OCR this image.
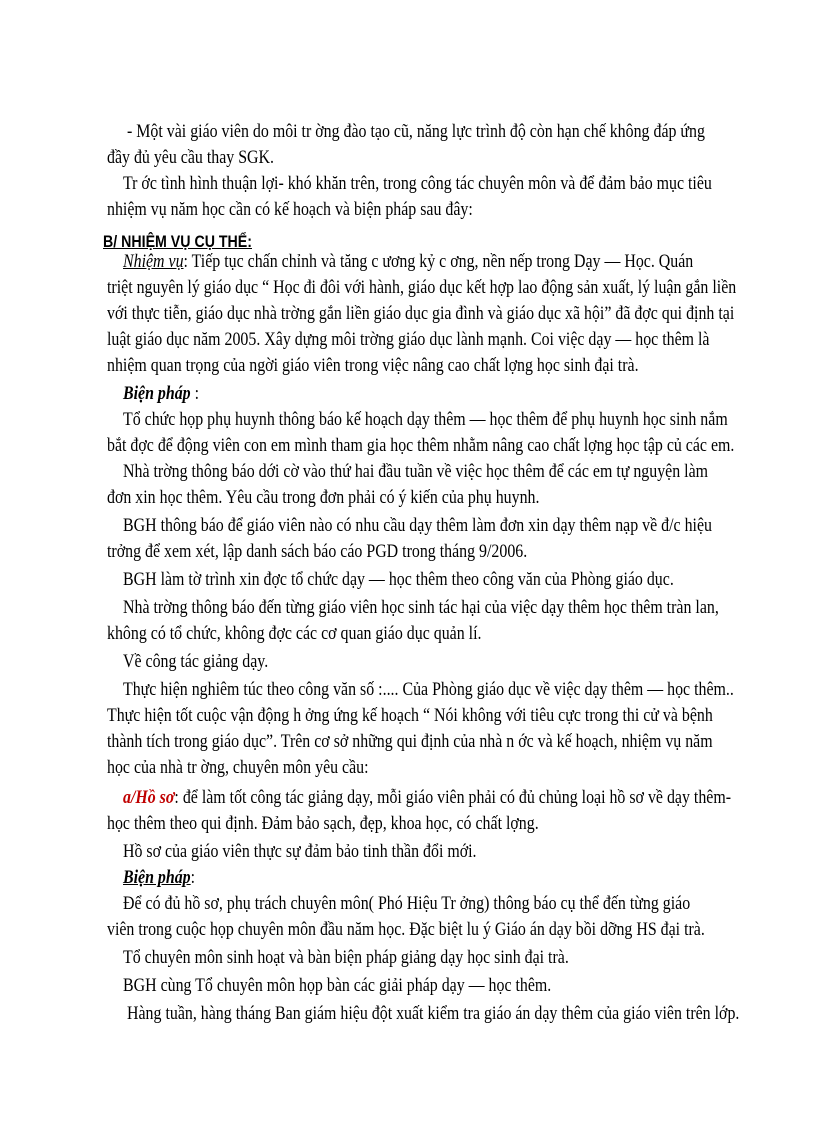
- Một vài giáo viên do môi tr ờng đào tạo cũ, năng lực trình độ còn hạn chế không đáp ứng
đầy đủ yêu cầu thay SGK.
Tr ớc tình hình thuận lợi- khó khăn trên, trong công tác chuyên môn và để đảm bảo mục tiêu
nhiệm vụ năm học cần có kế hoạch và biện pháp sau đây:
B/ NHIỆM VỤ CỤ THỂ:
Nhiệm vụ: Tiếp tục chấn chỉnh và tăng c ương kỷ c ơng, nền nếp trong Dạy — Học. Quán
triệt nguyên lý giáo dục “ Học đi đôi với hành, giáo dục kết hợp lao động sản xuất, lý luận gắn liền
với thực tiễn, giáo dục nhà trờng gắn liền giáo dục gia đình và giáo dục xã hội” đã đợc qui định tại
luật giáo dục năm 2005. Xây dựng môi trờng giáo dục lành mạnh. Coi việc dạy — học thêm là
nhiệm quan trọng của ngời giáo viên trong việc nâng cao chất lợng học sinh đại trà.
Biện pháp :
Tổ chức họp phụ huynh thông báo kế hoạch dạy thêm — học thêm để phụ huynh học sinh nắm
bắt đợc để động viên con em mình tham gia học thêm nhằm nâng cao chất lợng học tập củ các em.
Nhà trờng thông báo dới cờ vào thứ hai đầu tuần về việc học thêm để các em tự nguyện làm
đơn xin học thêm. Yêu cầu trong đơn phải có ý kiến của phụ huynh.
BGH thông báo để giáo viên nào có nhu cầu dạy thêm làm đơn xin dạy thêm nạp về đ/c hiệu
trởng để xem xét, lập danh sách báo cáo PGD trong tháng 9/2006.
BGH làm tờ trình xin đợc tổ chức dạy — học thêm theo công văn của Phòng giáo dục.
Nhà trờng thông báo đến từng giáo viên học sinh tác hại của việc dạy thêm học thêm tràn lan,
không có tổ chức, không đợc các cơ quan giáo dục quản lí.
Về công tác giảng dạy.
Thực hiện nghiêm túc theo công văn số :.... Của Phòng giáo dục về việc dạy thêm — học thêm..
Thực hiện tốt cuộc vận động h ởng ứng kế hoạch “ Nói không với tiêu cực trong thi cử và bệnh
thành tích trong giáo dục”. Trên cơ sở những qui định của nhà n ớc và kế hoạch, nhiệm vụ năm
học của nhà tr ờng, chuyên môn yêu cầu:
a/Hồ sơ: để làm tốt công tác giảng dạy, mỗi giáo viên phải có đủ chủng loại hồ sơ về dạy thêm-
học thêm theo qui định. Đảm bảo sạch, đẹp, khoa học, có chất lợng.
Hồ sơ của giáo viên thực sự đảm bảo tinh thần đổi mới.
Biện pháp:
Để có đủ hồ sơ, phụ trách chuyên môn( Phó Hiệu Tr ởng) thông báo cụ thể đến từng giáo
viên trong cuộc họp chuyên môn đầu năm học. Đặc biệt lu ý Giáo án dạy bồi dỡng HS đại trà.
Tổ chuyên môn sinh hoạt và bàn biện pháp giảng dạy học sinh đại trà.
BGH cùng Tổ chuyên môn họp bàn các giải pháp dạy — học thêm.
Hàng tuần, hàng tháng Ban giám hiệu đột xuất kiểm tra giáo án dạy thêm của giáo viên trên lớp.
